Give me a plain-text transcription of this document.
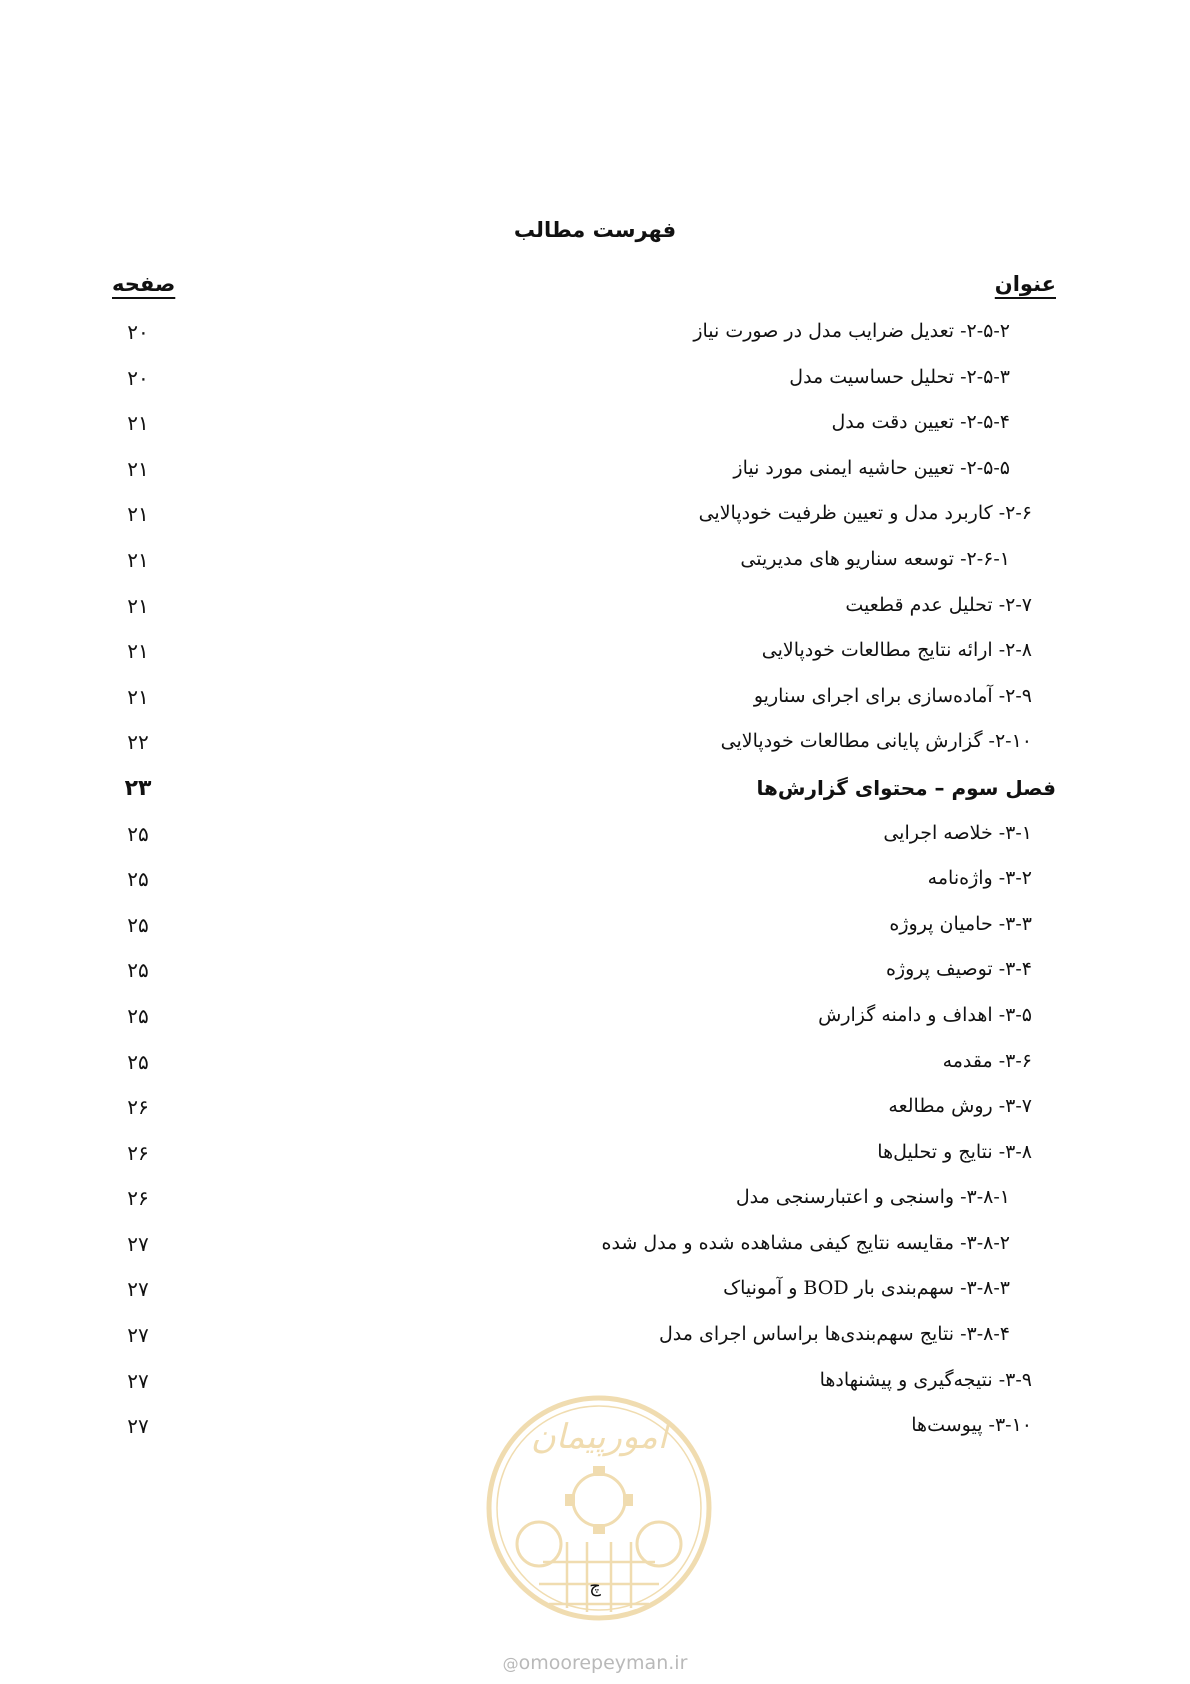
فهرست مطالب
عنوان
صفحه
۲-۵-۲- تعدیل ضرایب مدل در صورت نیاز
۲۰
۲-۵-۳- تحلیل حساسیت مدل
۲۰
۲-۵-۴- تعیین دقت مدل
۲۱
۲-۵-۵- تعیین حاشیه ایمنی مورد نیاز
۲۱
۲-۶- کاربرد مدل و تعیین ظرفیت خودپالایی
۲۱
۲-۶-۱- توسعه سناریو های مدیریتی
۲۱
۲-۷- تحلیل عدم قطعیت
۲۱
۲-۸- ارائه نتایج مطالعات خودپالایی
۲۱
۲-۹- آماده‌سازی برای اجرای سناریو
۲۱
۲-۱۰- گزارش پایانی مطالعات خودپالایی
۲۲
فصل سوم – محتوای گزارش‌ها
۲۳
۳-۱- خلاصه اجرایی
۲۵
۳-۲- واژه‌نامه
۲۵
۳-۳- حامیان پروژه
۲۵
۳-۴- توصیف پروژه
۲۵
۳-۵- اهداف و دامنه گزارش
۲۵
۳-۶- مقدمه
۲۵
۳-۷- روش مطالعه
۲۶
۳-۸- نتایج و تحلیل‌ها
۲۶
۳-۸-۱- واسنجی و اعتبارسنجی مدل
۲۶
۳-۸-۲- مقایسه نتایج کیفی مشاهده شده و مدل شده
۲۷
۳-۸-۳- سهم‌بندی بار BOD و آمونیاک
۲۷
۳-۸-۴- نتایج سهم‌بندی‌ها براساس اجرای مدل
۲۷
۳-۹- نتیجه‌گیری و پیشنهادها
۲۷
۳-۱۰- پیوست‌ها
۲۷	امورپیمان
چ
@omoorepeyman.ir
